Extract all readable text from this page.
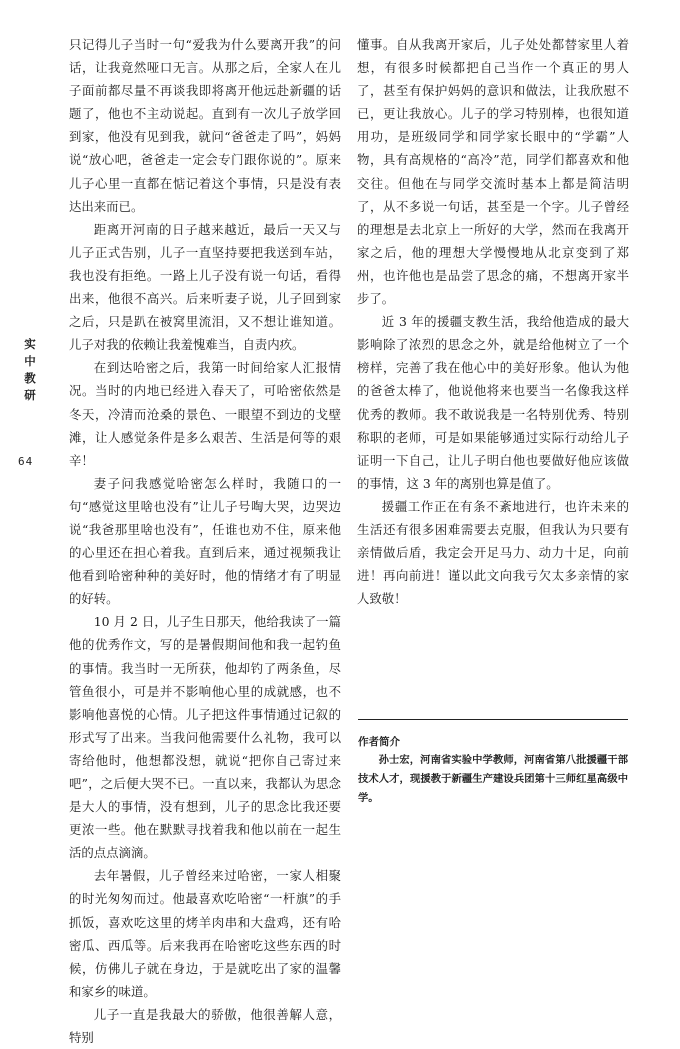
实
中
教
研
64

只记得儿子当时一句“爱我为什么要离开我”的问话，让我竟然哑口无言。从那之后，全家人在儿子面前都尽量不再谈我即将离开他远赴新疆的话题了，他也不主动说起。直到有一次儿子放学回到家，他没有见到我，就问“爸爸走了吗”，妈妈说“放心吧，爸爸走一定会专门跟你说的”。原来儿子心里一直都在惦记着这个事情，只是没有表达出来而已。

距离开河南的日子越来越近，最后一天又与儿子正式告别，儿子一直坚持要把我送到车站，我也没有拒绝。一路上儿子没有说一句话，看得出来，他很不高兴。后来听妻子说，儿子回到家之后，只是趴在被窝里流泪，又不想让谁知道。儿子对我的依赖让我羞愧难当，自责内疚。

在到达哈密之后，我第一时间给家人汇报情况。当时的内地已经进入春天了，可哈密依然是冬天，冷清而沧桑的景色、一眼望不到边的戈壁滩，让人感觉条件是多么艰苦、生活是何等的艰辛！

妻子问我感觉哈密怎么样时，我随口的一句“感觉这里啥也没有”让儿子号啕大哭，边哭边说“我爸那里啥也没有”，任谁也劝不住，原来他的心里还在担心着我。直到后来，通过视频我让他看到哈密种种的美好时，他的情绪才有了明显的好转。

10 月 2 日，儿子生日那天，他给我读了一篇他的优秀作文，写的是暑假期间他和我一起钓鱼的事情。我当时一无所获，他却钓了两条鱼，尽管鱼很小，可是并不影响他心里的成就感，也不影响他喜悦的心情。儿子把这件事情通过记叙的形式写了出来。当我问他需要什么礼物，我可以寄给他时，他想都没想，就说“把你自己寄过来吧”，之后便大哭不已。一直以来，我都认为思念是大人的事情，没有想到，儿子的思念比我还要更浓一些。他在默默寻找着我和他以前在一起生活的点点滴滴。

去年暑假，儿子曾经来过哈密，一家人相聚的时光匆匆而过。他最喜欢吃哈密“一杆旗”的手抓饭，喜欢吃这里的烤羊肉串和大盘鸡，还有哈密瓜、西瓜等。后来我再在哈密吃这些东西的时候，仿佛儿子就在身边，于是就吃出了家的温馨和家乡的味道。

儿子一直是我最大的骄傲，他很善解人意，特别

懂事。自从我离开家后，儿子处处都替家里人着想，有很多时候都把自己当作一个真正的男人了，甚至有保护妈妈的意识和做法，让我欣慰不已，更让我放心。儿子的学习特别棒，也很知道用功，是班级同学和同学家长眼中的“学霸”人物，具有高规格的“高冷”范，同学们都喜欢和他交往。但他在与同学交流时基本上都是简洁明了，从不多说一句话，甚至是一个字。儿子曾经的理想是去北京上一所好的大学，然而在我离开家之后，他的理想大学慢慢地从北京变到了郑州，也许他也是品尝了思念的痛，不想离开家半步了。

近 3 年的援疆支教生活，我给他造成的最大影响除了浓烈的思念之外，就是给他树立了一个榜样，完善了我在他心中的美好形象。他认为他的爸爸太棒了，他说他将来也要当一名像我这样优秀的教师。我不敢说我是一名特别优秀、特别称职的老师，可是如果能够通过实际行动给儿子证明一下自己，让儿子明白他也要做好他应该做的事情，这 3 年的离别也算是值了。

援疆工作正在有条不紊地进行，也许未来的生活还有很多困难需要去克服，但我认为只要有亲情做后盾，我定会开足马力、动力十足，向前进！再向前进！谨以此文向我亏欠太多亲情的家人致敬！

作者简介
孙士宏，河南省实验中学教师，河南省第八批援疆干部技术人才，现援教于新疆生产建设兵团第十三师红星高级中学。
